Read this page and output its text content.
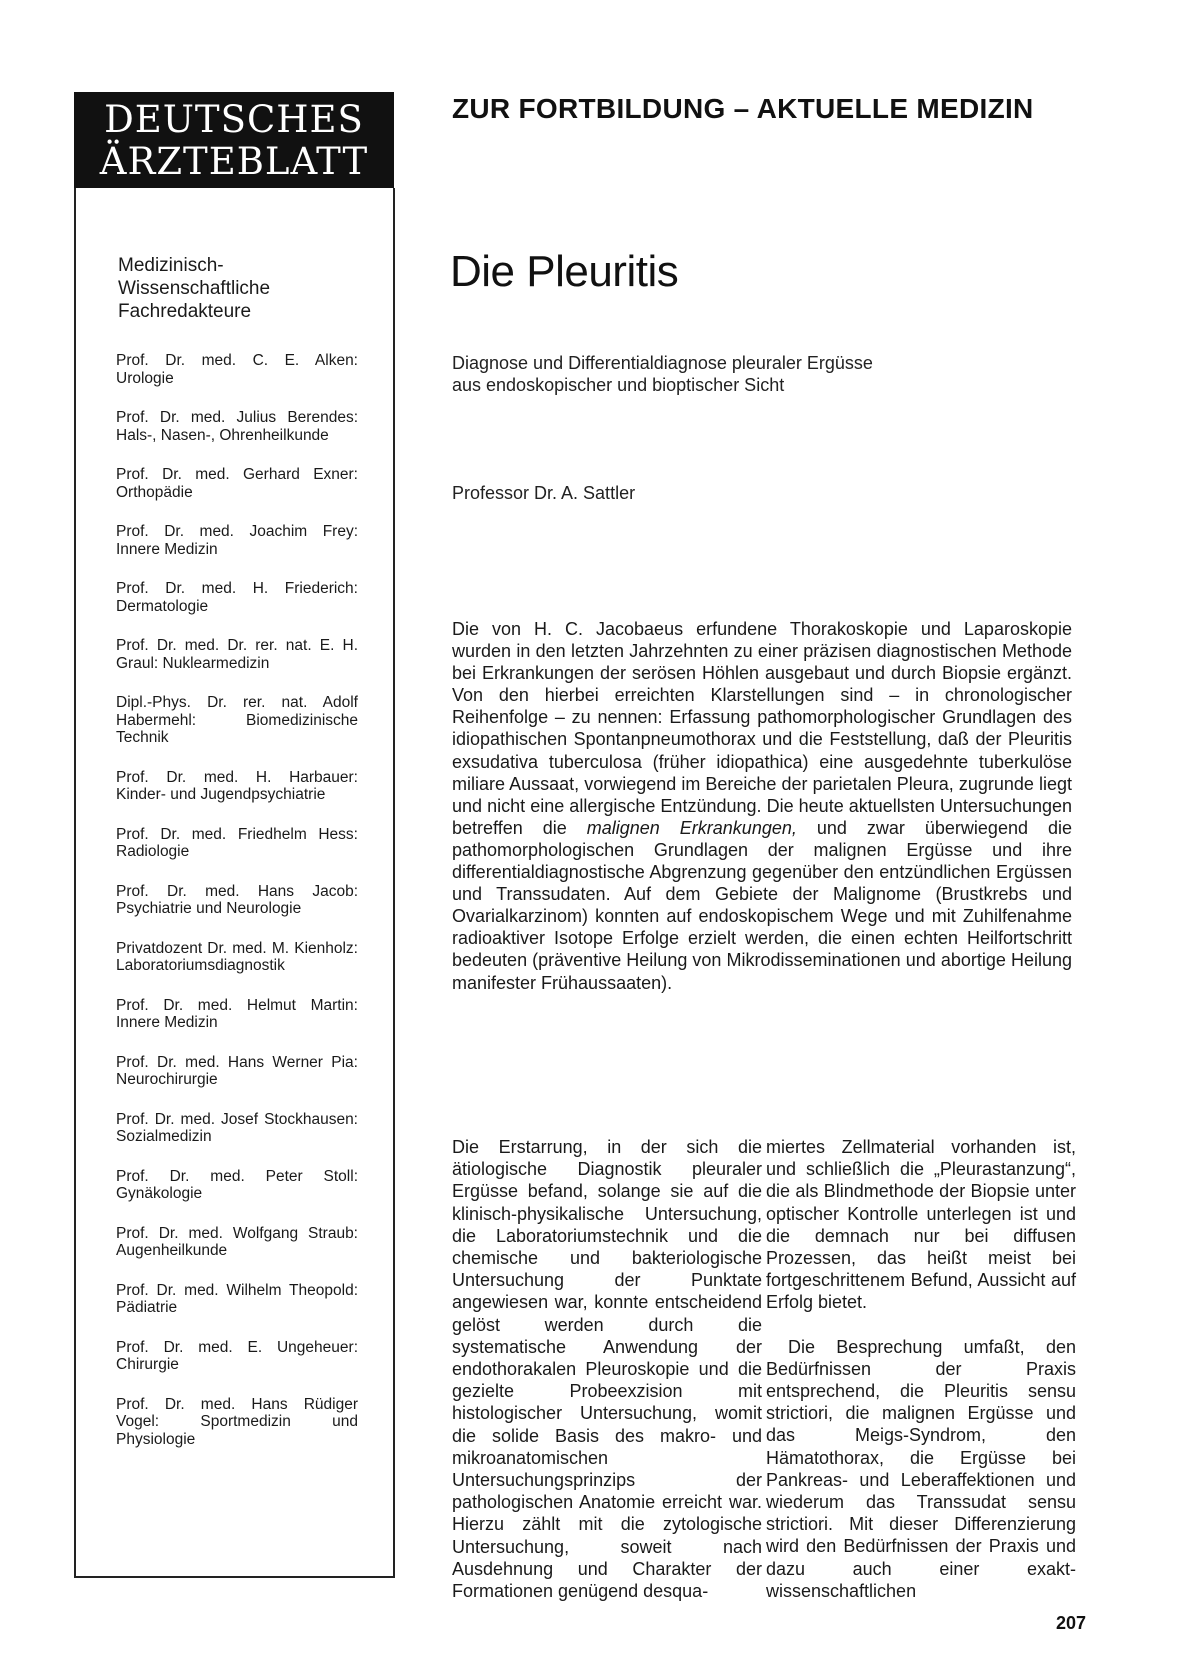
DEUTSCHES
ÄRZTEBLATT
Medizinisch-
Wissenschaftliche
Fachredakteure
Prof. Dr. med. C. E. Alken: Urologie
Prof. Dr. med. Julius Berendes: Hals-, Nasen-, Ohrenheilkunde
Prof. Dr. med. Gerhard Exner: Orthopädie
Prof. Dr. med. Joachim Frey: Innere Medizin
Prof. Dr. med. H. Friederich: Dermatologie
Prof. Dr. med. Dr. rer. nat. E. H. Graul: Nuklearmedizin
Dipl.-Phys. Dr. rer. nat. Adolf Habermehl: Biomedizinische Technik
Prof. Dr. med. H. Harbauer: Kinder- und Jugendpsychiatrie
Prof. Dr. med. Friedhelm Hess: Radiologie
Prof. Dr. med. Hans Jacob: Psychiatrie und Neurologie
Privatdozent Dr. med. M. Kienholz: Laboratoriumsdiagnostik
Prof. Dr. med. Helmut Martin: Innere Medizin
Prof. Dr. med. Hans Werner Pia: Neurochirurgie
Prof. Dr. med. Josef Stockhausen: Sozialmedizin
Prof. Dr. med. Peter Stoll: Gynäkologie
Prof. Dr. med. Wolfgang Straub: Augenheilkunde
Prof. Dr. med. Wilhelm Theopold: Pädiatrie
Prof. Dr. med. E. Ungeheuer: Chirurgie
Prof. Dr. med. Hans Rüdiger Vogel: Sportmedizin und Physiologie
ZUR FORTBILDUNG – AKTUELLE MEDIZIN
Die Pleuritis
Diagnose und Differentialdiagnose pleuraler Ergüsse
aus endoskopischer und bioptischer Sicht
Professor Dr. A. Sattler
Die von H. C. Jacobaeus erfundene Thorakoskopie und Laparoskopie wurden in den letzten Jahrzehnten zu einer präzisen diagnostischen Methode bei Erkrankungen der serösen Höhlen ausgebaut und durch Biopsie ergänzt. Von den hierbei erreichten Klarstellungen sind – in chronologischer Reihenfolge – zu nennen: Erfassung pathomorphologischer Grundlagen des idiopathischen Spontanpneumothorax und die Feststellung, daß der Pleuritis exsudativa tuberculosa (früher idiopathica) eine ausgedehnte tuberkulöse miliare Aussaat, vorwiegend im Bereiche der parietalen Pleura, zugrunde liegt und nicht eine allergische Entzündung. Die heute aktuellsten Untersuchungen betreffen die malignen Erkrankungen, und zwar überwiegend die pathomorphologischen Grundlagen der malignen Ergüsse und ihre differentialdiagnostische Abgrenzung gegenüber den entzündlichen Ergüssen und Transsudaten. Auf dem Gebiete der Malignome (Brustkrebs und Ovarialkarzinom) konnten auf endoskopischem Wege und mit Zuhilfenahme radioaktiver Isotope Erfolge erzielt werden, die einen echten Heilfortschritt bedeuten (präventive Heilung von Mikrodisseminationen und abortige Heilung manifester Frühaussaaten).

Die Erstarrung, in der sich die ätiologische Diagnostik pleuraler Ergüsse befand, solange sie auf die klinisch-physikalische Untersuchung, die Laboratoriumstechnik und die chemische und bakteriologische Untersuchung der Punktate angewiesen war, konnte entscheidend gelöst werden durch die systematische Anwendung der endothorakalen Pleuroskopie und die gezielte Probeexzision mit histologischer Untersuchung, womit die solide Basis des makro- und mikroanatomischen Untersuchungsprinzips der pathologischen Anatomie erreicht war. Hierzu zählt mit die zytologische Untersuchung, soweit nach Ausdehnung und Charakter der Formationen genügend desqua-

miertes Zellmaterial vorhanden ist, und schließlich die „Pleurastanzung“, die als Blindmethode der Biopsie unter optischer Kontrolle unterlegen ist und die demnach nur bei diffusen Prozessen, das heißt meist bei fortgeschrittenem Befund, Aussicht auf Erfolg bietet.

Die Besprechung umfaßt, den Bedürfnissen der Praxis entsprechend, die Pleuritis sensu strictiori, die malignen Ergüsse und das Meigs-Syndrom, den Hämatothorax, die Ergüsse bei Pankreas- und Leberaffektionen und wiederum das Transsudat sensu strictiori. Mit dieser Differenzierung wird den Bedürfnissen der Praxis und dazu auch einer exakt-wissenschaftlichen

207
